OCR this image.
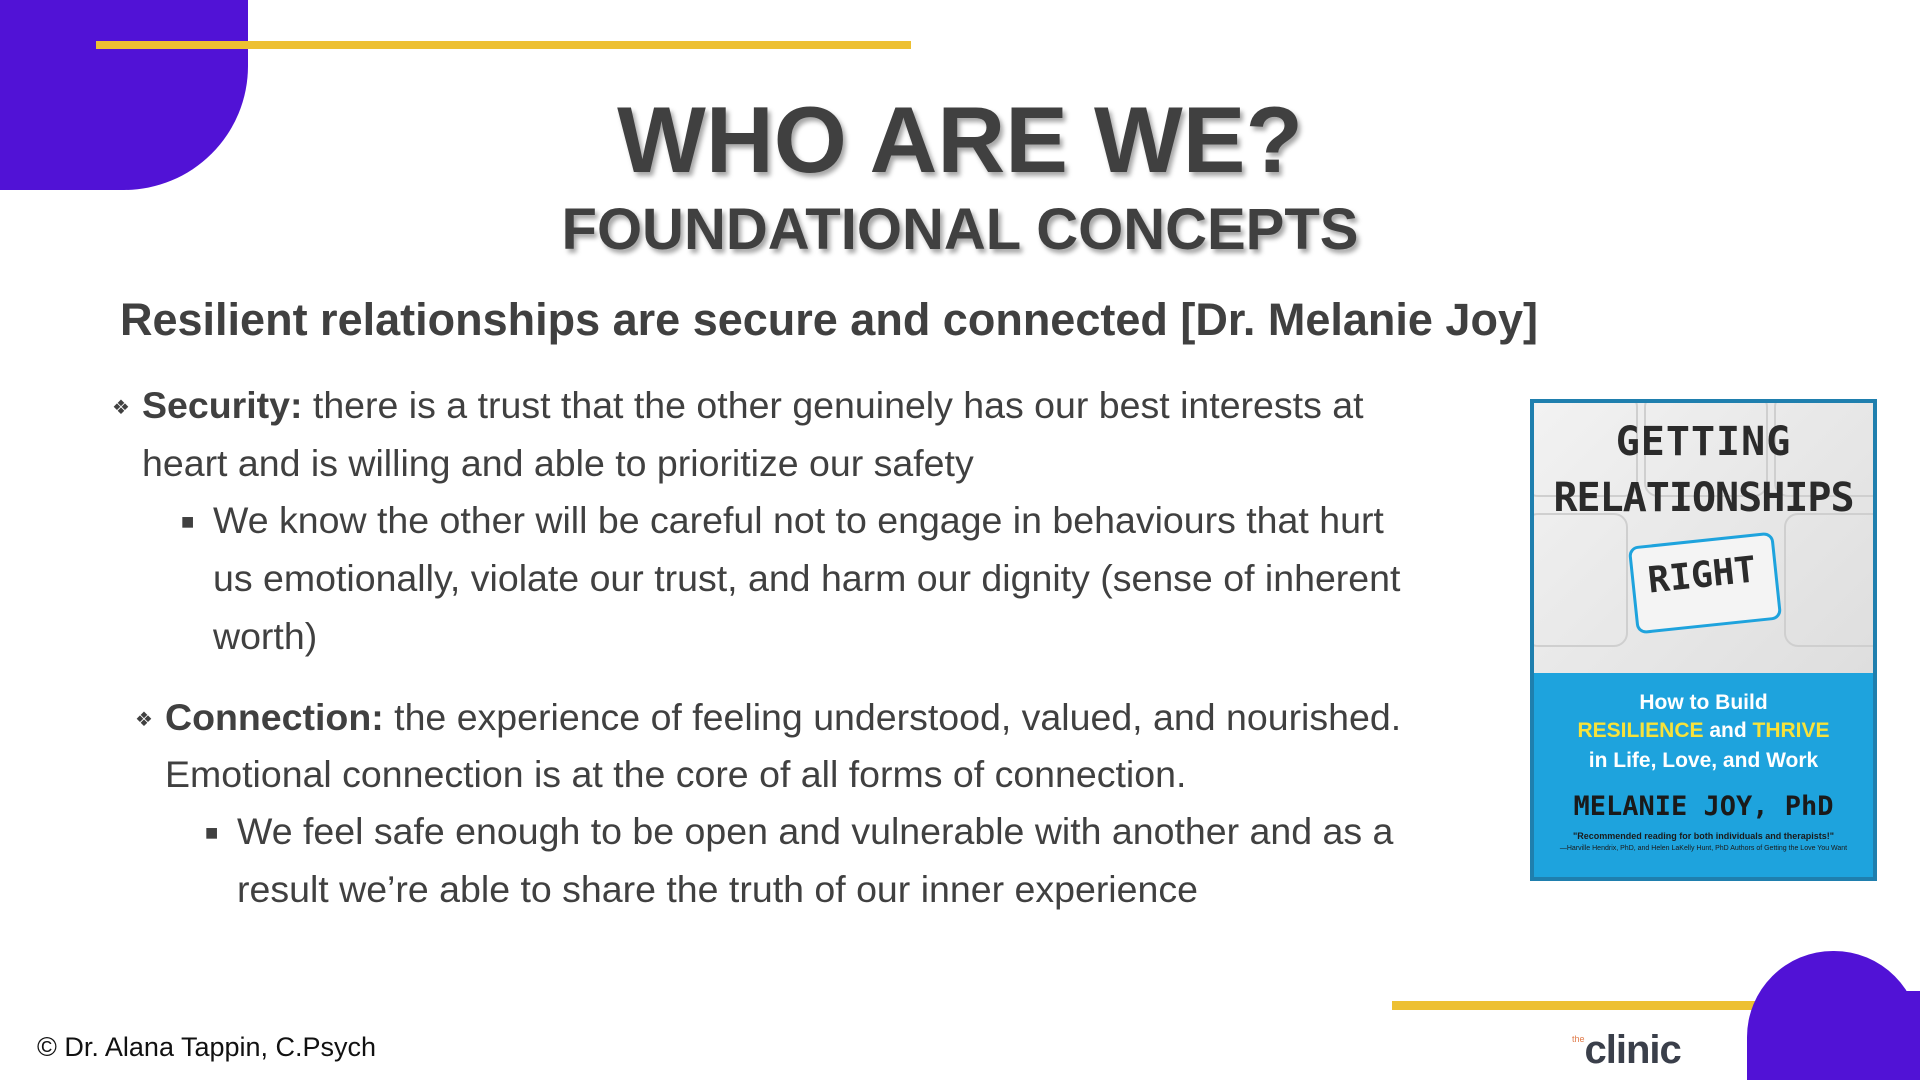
WHO ARE WE?
FOUNDATIONAL CONCEPTS
Resilient relationships are secure and connected [Dr. Melanie Joy]
❖ Security: there is a trust that the other genuinely has our best interests at
heart and is willing and able to prioritize our safety
■ We know the other will be careful not to engage in behaviours that hurt
us emotionally, violate our trust, and harm our dignity (sense of inherent
worth)
❖ Connection: the experience of feeling understood, valued, and nourished.
Emotional connection is at the core of all forms of connection.
■ We feel safe enough to be open and vulnerable with another and as a
result we’re able to share the truth of our inner experience
GETTING
RELATIONSHIPS
RIGHT
How to Build
RESILIENCE and THRIVE
in Life, Love, and Work
MELANIE JOY, PhD
"Recommended reading for both individuals and therapists!"
—Harville Hendrix, PhD, and Helen LaKelly Hunt, PhD Authors of Getting the Love You Want
© Dr. Alana Tappin, C.Psych	$^{the}$clinic
